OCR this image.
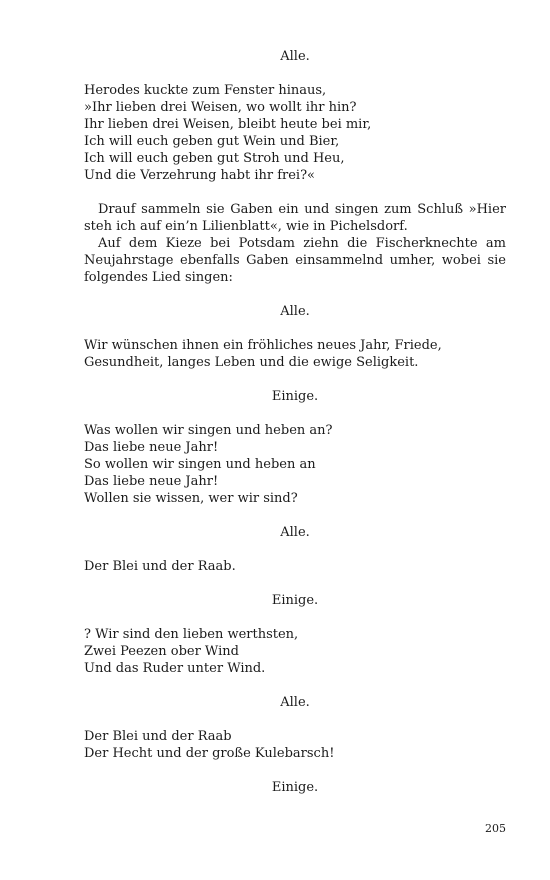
Alle.
Herodes kuckte zum Fenster hinaus,
»Ihr lieben drei Weisen, wo wollt ihr hin?
Ihr lieben drei Weisen, bleibt heute bei mir,
Ich will euch geben gut Wein und Bier,
Ich will euch geben gut Stroh und Heu,
Und die Verzehrung habt ihr frei?«
Drauf sammeln sie Gaben ein und singen zum Schluß »Hier steh ich auf ein’n Lilienblatt«, wie in Pichelsdorf.
Auf dem Kieze bei Potsdam ziehn die Fischerknechte am Neujahrstage ebenfalls Gaben einsammelnd umher, wobei sie folgendes Lied singen:
Alle.
Wir wünschen ihnen ein fröhliches neues Jahr, Friede,
Gesundheit, langes Leben und die ewige Seligkeit.
Einige.
Was wollen wir singen und heben an?
Das liebe neue Jahr!
So wollen wir singen und heben an
Das liebe neue Jahr!
Wollen sie wissen, wer wir sind?
Alle.
Der Blei und der Raab.
Einige.
? Wir sind den lieben werthsten,
Zwei Peezen ober Wind
Und das Ruder unter Wind.
Alle.
Der Blei und der Raab
Der Hecht und der große Kulebarsch!
Einige.
205
